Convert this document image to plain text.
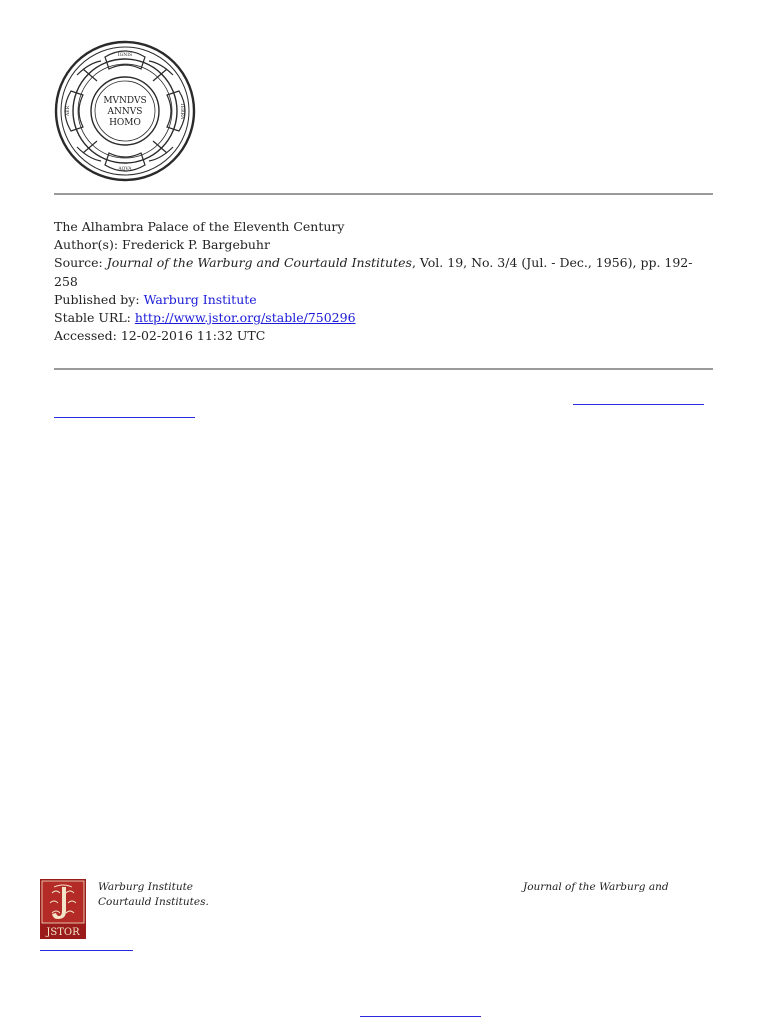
IGNIS
AQVA
AER	TERRA
MVNDVS
ANNVS
HOMO
The Alhambra Palace of the Eleventh Century
Author(s): Frederick P. Bargebuhr
Source: Journal of the Warburg and Courtauld Institutes, Vol. 19, No. 3/4 (Jul. - Dec., 1956), pp. 192-258
Published by: Warburg Institute
Stable URL: http://www.jstor.org/stable/750296
Accessed: 12-02-2016 11:32 UTC
JSTOR
Warburg Institute
Courtauld Institutes.
Journal of the Warburg and
